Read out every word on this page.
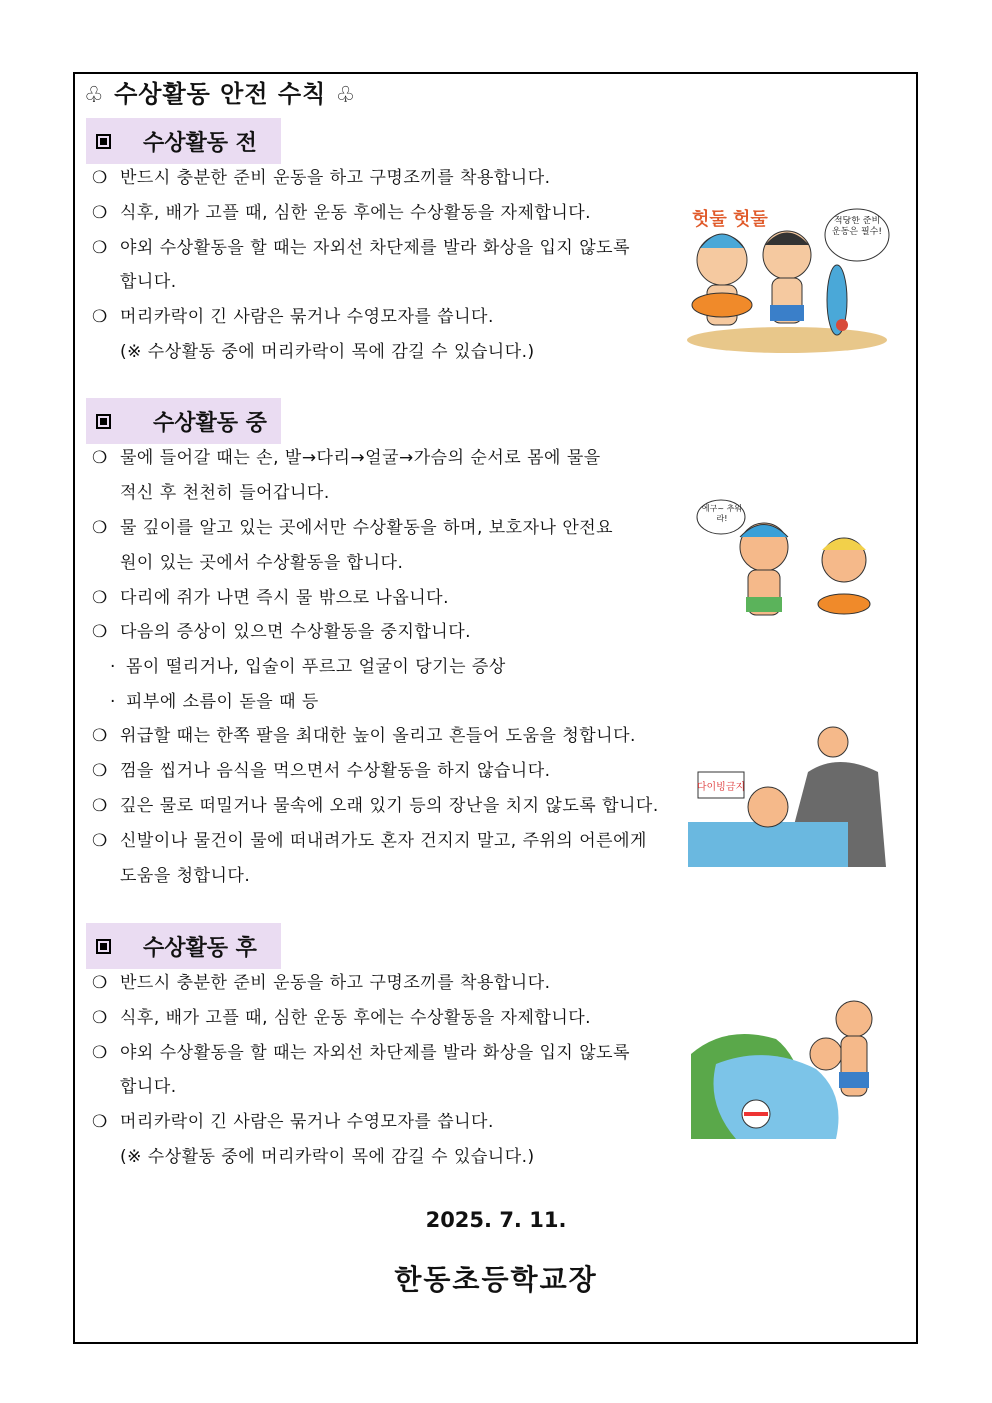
♧ 수상활동 안전 수칙 ♧
수상활동 전
❍ 반드시 충분한 준비 운동을 하고 구명조끼를 착용합니다.
❍ 식후, 배가 고플 때, 심한 운동 후에는 수상활동을 자제합니다.
❍ 야외 수상활동을 할 때는 자외선 차단제를 발라 화상을 입지 않도록
합니다.
❍ 머리카락이 긴 사람은 묶거나 수영모자를 씁니다.
(※ 수상활동 중에 머리카락이 목에 감길 수 있습니다.)
헛둘 헛둘	적당한 준비 운동은 필수!
수상활동 중
❍ 물에 들어갈 때는 손, 발→다리→얼굴→가슴의 순서로 몸에 물을
적신 후 천천히 들어갑니다.
❍ 물 깊이를 알고 있는 곳에서만 수상활동을 하며, 보호자나 안전요
원이 있는 곳에서 수상활동을 합니다.
❍ 다리에 쥐가 나면 즉시 물 밖으로 나옵니다.
❍ 다음의 증상이 있으면 수상활동을 중지합니다.
· 몸이 떨리거나, 입술이 푸르고 얼굴이 당기는 증상
· 피부에 소름이 돋을 때 등
❍ 위급할 때는 한쪽 팔을 최대한 높이 올리고 흔들어 도움을 청합니다.
❍ 껌을 씹거나 음식을 먹으면서 수상활동을 하지 않습니다.
❍ 깊은 물로 떠밀거나 물속에 오래 있기 등의 장난을 치지 않도록 합니다.
❍ 신발이나 물건이 물에 떠내려가도 혼자 건지지 말고, 주위의 어른에게
도움을 청합니다.
에구~ 추워라!
다이빙금지
수상활동 후
❍ 반드시 충분한 준비 운동을 하고 구명조끼를 착용합니다.
❍ 식후, 배가 고플 때, 심한 운동 후에는 수상활동을 자제합니다.
❍ 야외 수상활동을 할 때는 자외선 차단제를 발라 화상을 입지 않도록
합니다.
❍ 머리카락이 긴 사람은 묶거나 수영모자를 씁니다.
(※ 수상활동 중에 머리카락이 목에 감길 수 있습니다.)
2025. 7. 11.
한동초등학교장
